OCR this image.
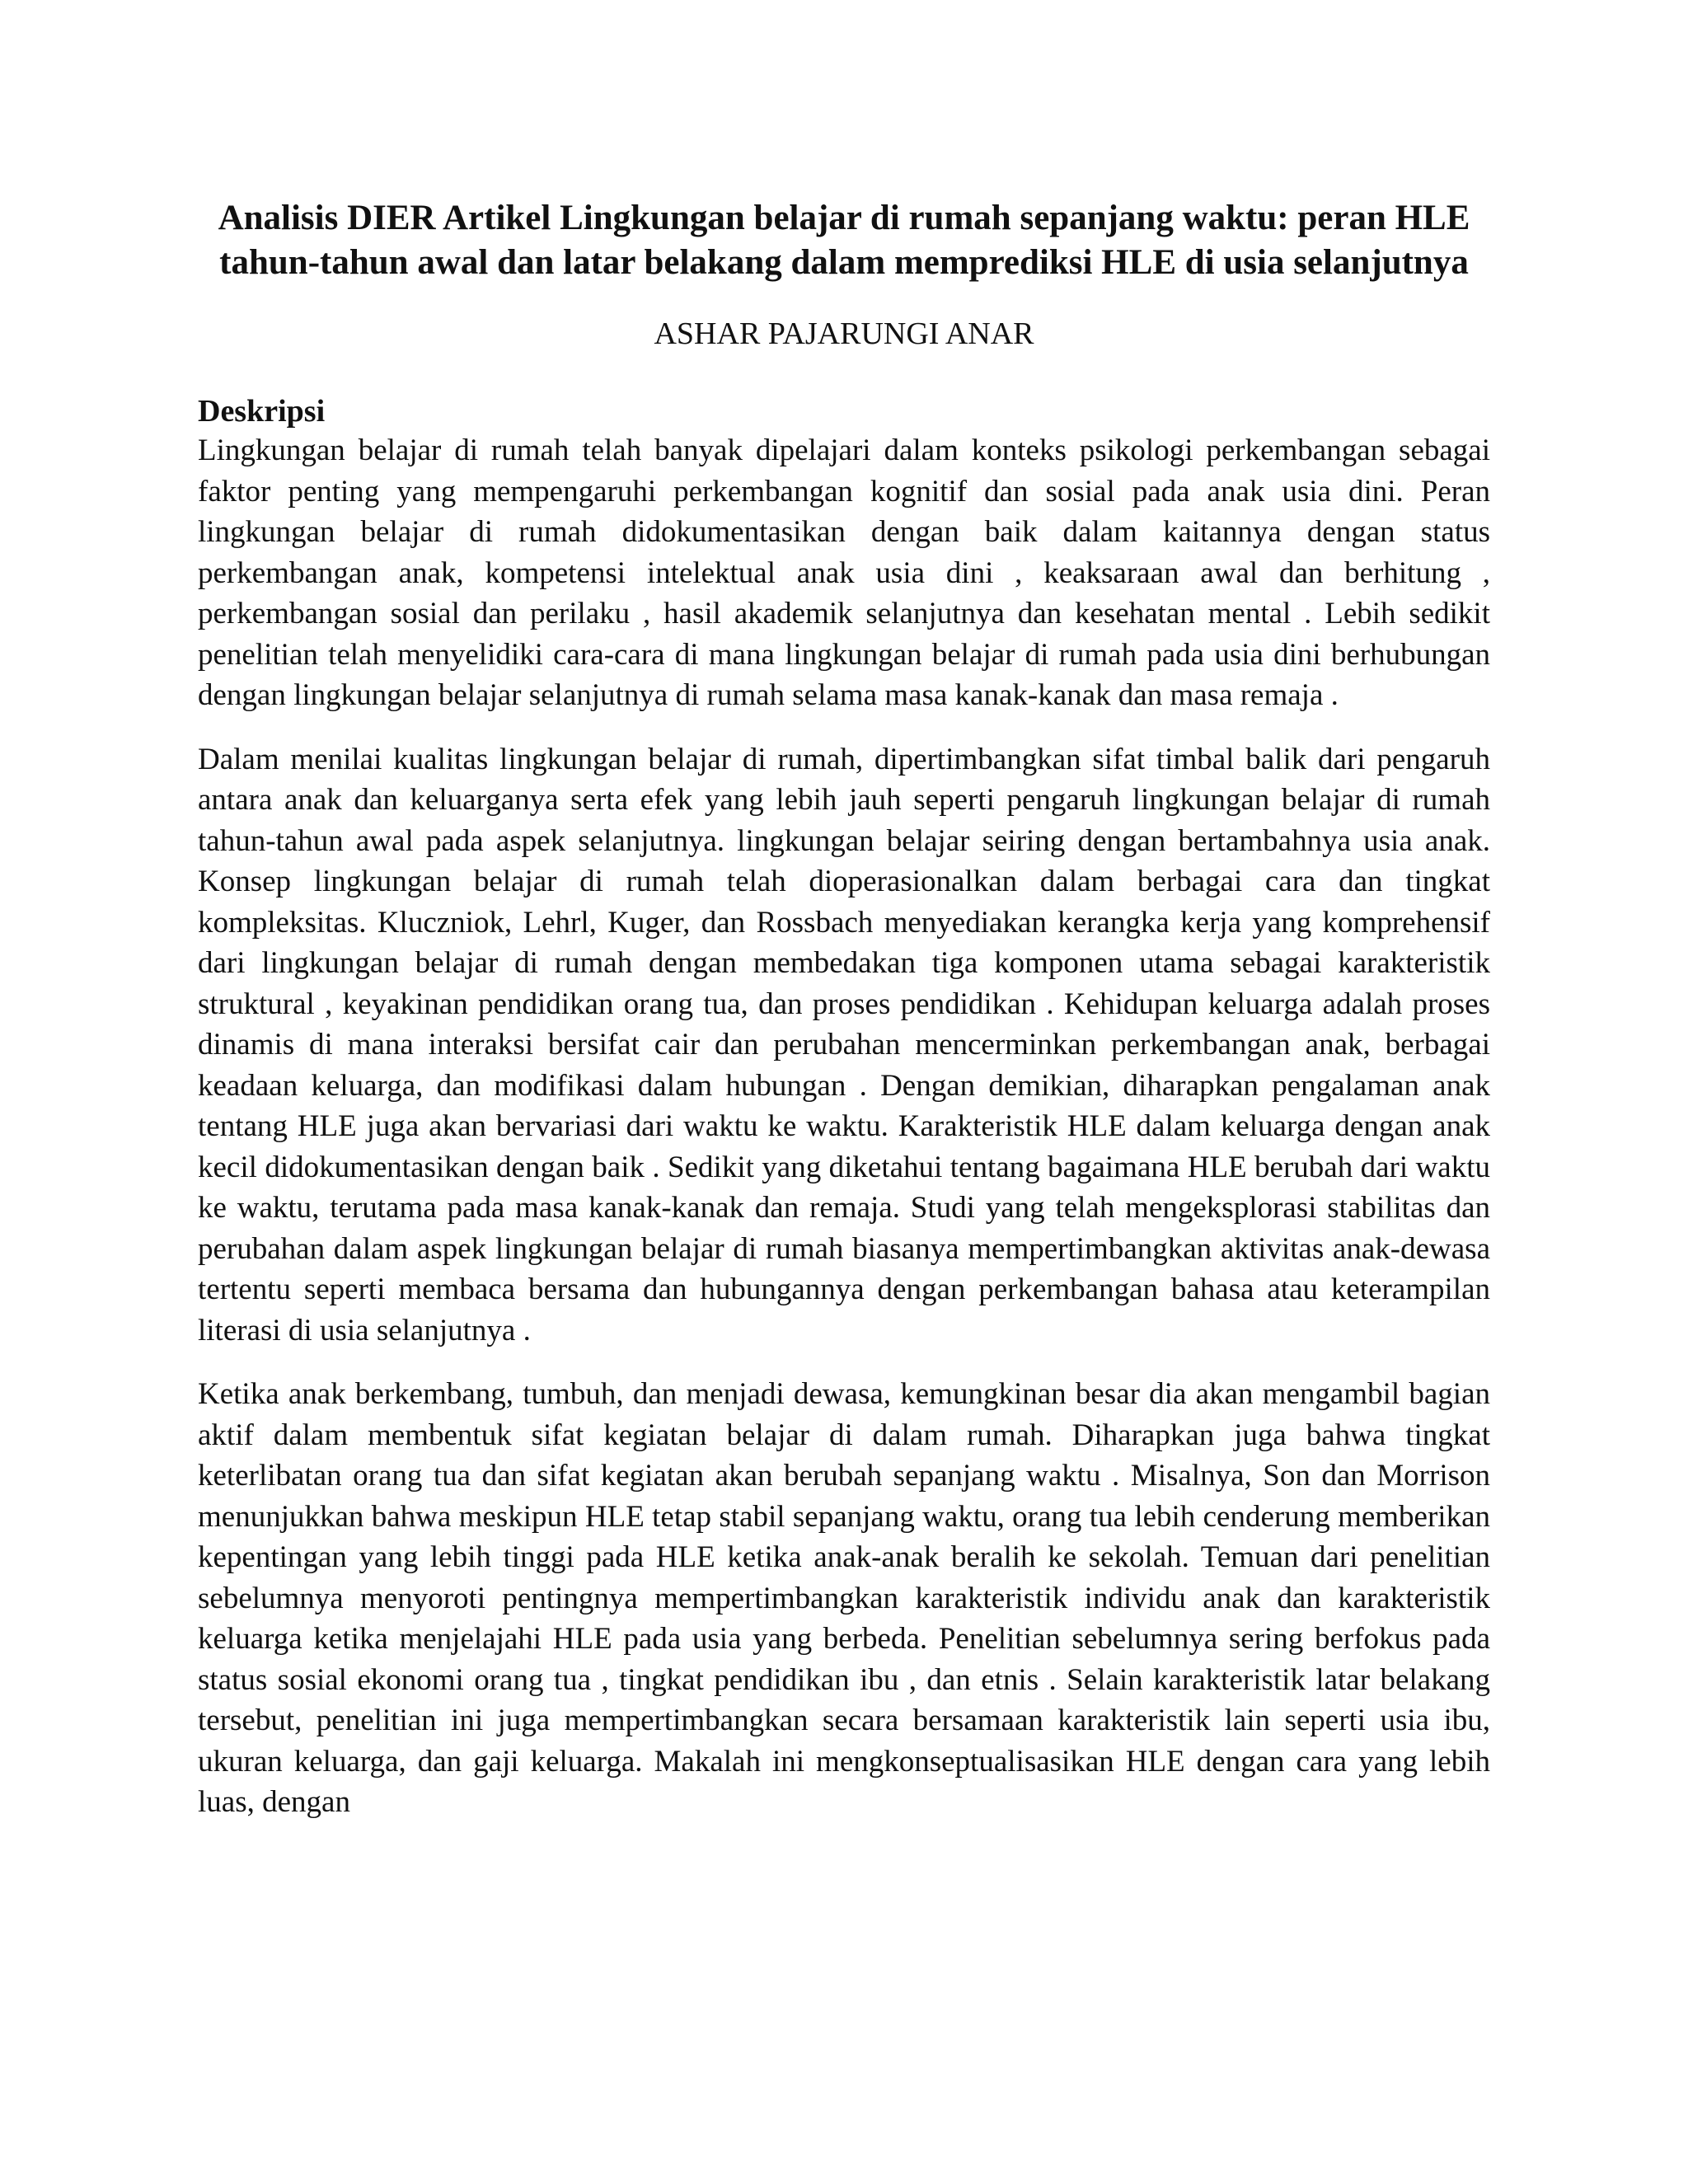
Analisis DIER Artikel Lingkungan belajar di rumah sepanjang waktu: peran HLE tahun-tahun awal dan latar belakang dalam memprediksi HLE di usia selanjutnya
ASHAR PAJARUNGI ANAR
Deskripsi

Lingkungan belajar di rumah telah banyak dipelajari dalam konteks psikologi perkembangan sebagai faktor penting yang mempengaruhi perkembangan kognitif dan sosial pada anak usia dini. Peran lingkungan belajar di rumah didokumentasikan dengan baik dalam kaitannya dengan status perkembangan anak, kompetensi intelektual anak usia dini , keaksaraan awal dan berhitung , perkembangan sosial dan perilaku , hasil akademik selanjutnya dan kesehatan mental . Lebih sedikit penelitian telah menyelidiki cara-cara di mana lingkungan belajar di rumah pada usia dini berhubungan dengan lingkungan belajar selanjutnya di rumah selama masa kanak-kanak dan masa remaja .

Dalam menilai kualitas lingkungan belajar di rumah, dipertimbangkan sifat timbal balik dari pengaruh antara anak dan keluarganya serta efek yang lebih jauh seperti pengaruh lingkungan belajar di rumah tahun-tahun awal pada aspek selanjutnya. lingkungan belajar seiring dengan bertambahnya usia anak. Konsep lingkungan belajar di rumah telah dioperasionalkan dalam berbagai cara dan tingkat kompleksitas. Kluczniok, Lehrl, Kuger, dan Rossbach menyediakan kerangka kerja yang komprehensif dari lingkungan belajar di rumah dengan membedakan tiga komponen utama sebagai karakteristik struktural , keyakinan pendidikan orang tua, dan proses pendidikan . Kehidupan keluarga adalah proses dinamis di mana interaksi bersifat cair dan perubahan mencerminkan perkembangan anak, berbagai keadaan keluarga, dan modifikasi dalam hubungan . Dengan demikian, diharapkan pengalaman anak tentang HLE juga akan bervariasi dari waktu ke waktu. Karakteristik HLE dalam keluarga dengan anak kecil didokumentasikan dengan baik . Sedikit yang diketahui tentang bagaimana HLE berubah dari waktu ke waktu, terutama pada masa kanak-kanak dan remaja. Studi yang telah mengeksplorasi stabilitas dan perubahan dalam aspek lingkungan belajar di rumah biasanya mempertimbangkan aktivitas anak-dewasa tertentu seperti membaca bersama dan hubungannya dengan perkembangan bahasa atau keterampilan literasi di usia selanjutnya .

Ketika anak berkembang, tumbuh, dan menjadi dewasa, kemungkinan besar dia akan mengambil bagian aktif dalam membentuk sifat kegiatan belajar di dalam rumah. Diharapkan juga bahwa tingkat keterlibatan orang tua dan sifat kegiatan akan berubah sepanjang waktu . Misalnya, Son dan Morrison menunjukkan bahwa meskipun HLE tetap stabil sepanjang waktu, orang tua lebih cenderung memberikan kepentingan yang lebih tinggi pada HLE ketika anak-anak beralih ke sekolah. Temuan dari penelitian sebelumnya menyoroti pentingnya mempertimbangkan karakteristik individu anak dan karakteristik keluarga ketika menjelajahi HLE pada usia yang berbeda. Penelitian sebelumnya sering berfokus pada status sosial ekonomi orang tua , tingkat pendidikan ibu , dan etnis . Selain karakteristik latar belakang tersebut, penelitian ini juga mempertimbangkan secara bersamaan karakteristik lain seperti usia ibu, ukuran keluarga, dan gaji keluarga. Makalah ini mengkonseptualisasikan HLE dengan cara yang lebih luas, dengan
